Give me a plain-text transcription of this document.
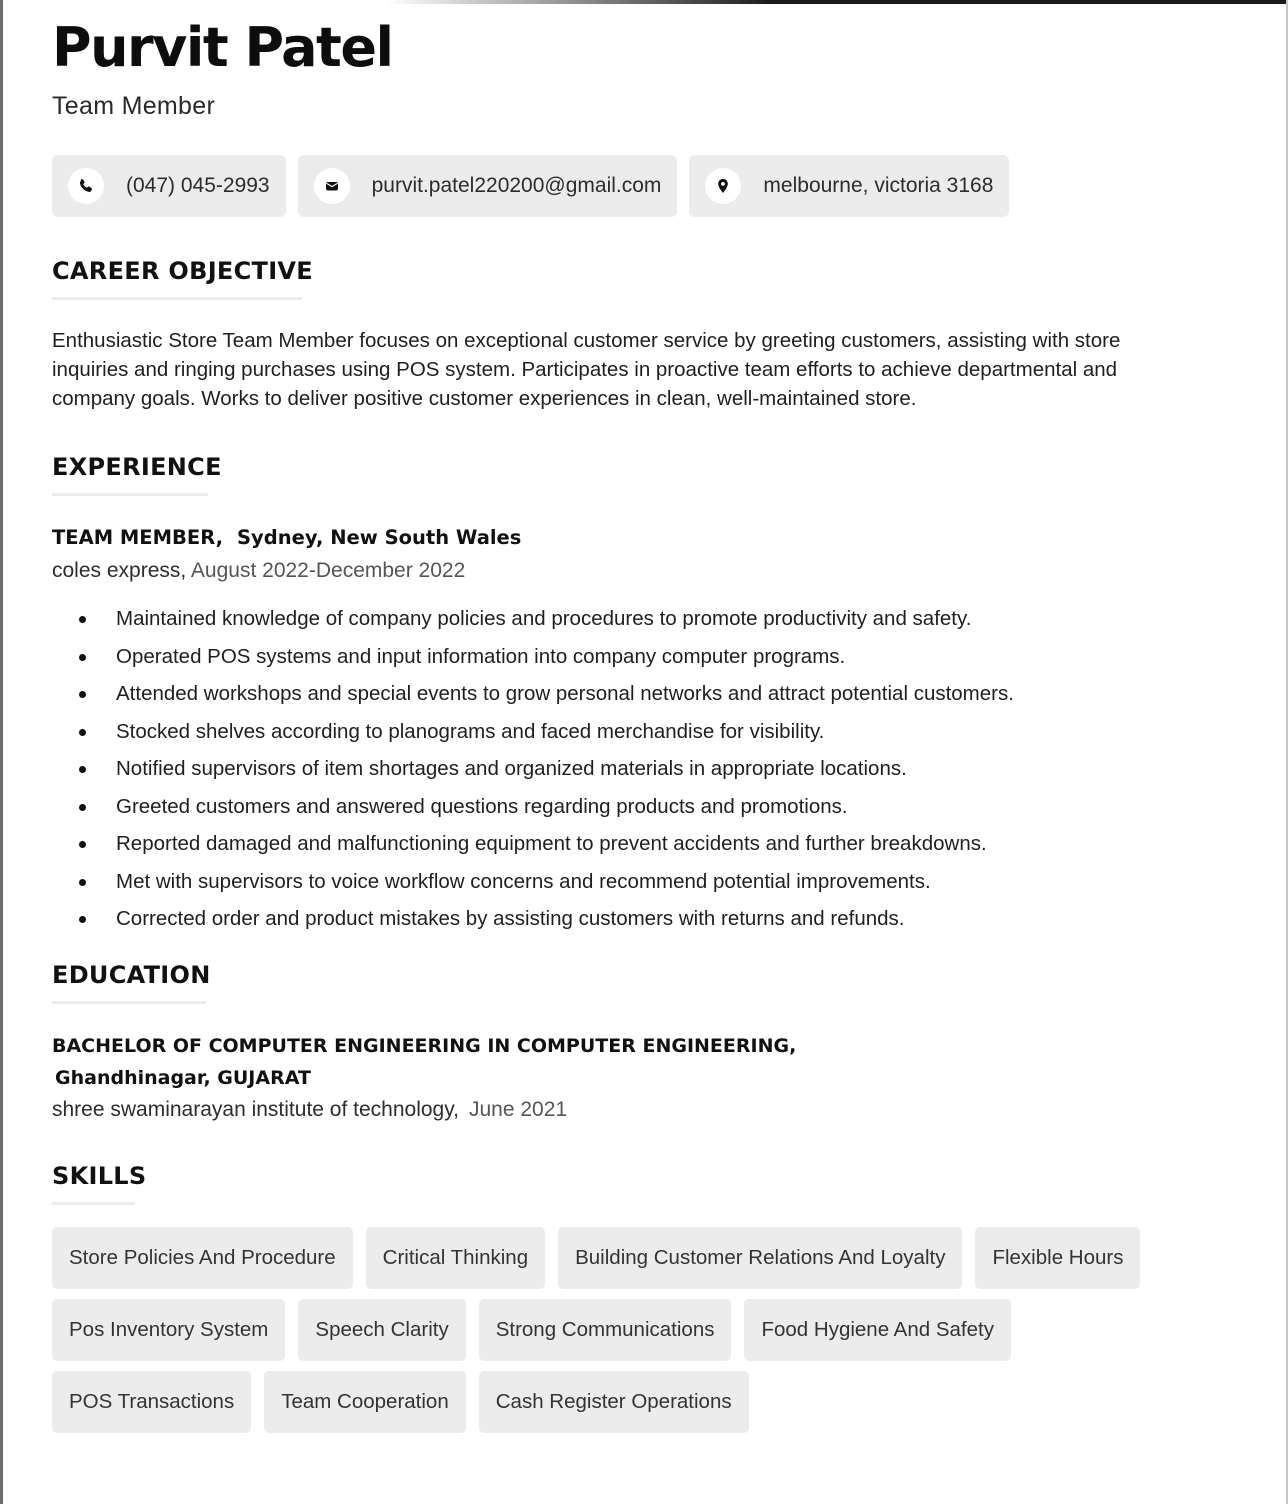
Purvit Patel
Team Member
(047) 045-2993	purvit.patel220200@gmail.com	melbourne, victoria 3168
CAREER OBJECTIVE
Enthusiastic Store Team Member focuses on exceptional customer service by greeting customers, assisting with store inquiries and ringing purchases using POS system. Participates in proactive team efforts to achieve departmental and company goals. Works to deliver positive customer experiences in clean, well-maintained store.
EXPERIENCE
TEAM MEMBER, Sydney, New South Wales
coles express, August 2022-December 2022
Maintained knowledge of company policies and procedures to promote productivity and safety.
Operated POS systems and input information into company computer programs.
Attended workshops and special events to grow personal networks and attract potential customers.
Stocked shelves according to planograms and faced merchandise for visibility.
Notified supervisors of item shortages and organized materials in appropriate locations.
Greeted customers and answered questions regarding products and promotions.
Reported damaged and malfunctioning equipment to prevent accidents and further breakdowns.
Met with supervisors to voice workflow concerns and recommend potential improvements.
Corrected order and product mistakes by assisting customers with returns and refunds.
EDUCATION
BACHELOR OF COMPUTER ENGINEERING IN COMPUTER ENGINEERING,
Ghandhinagar, GUJARAT
shree swaminarayan institute of technology, June 2021
SKILLS
Store Policies And Procedure	Critical Thinking	Building Customer Relations And Loyalty	Flexible Hours
Pos Inventory System	Speech Clarity	Strong Communications	Food Hygiene And Safety
POS Transactions	Team Cooperation	Cash Register Operations
